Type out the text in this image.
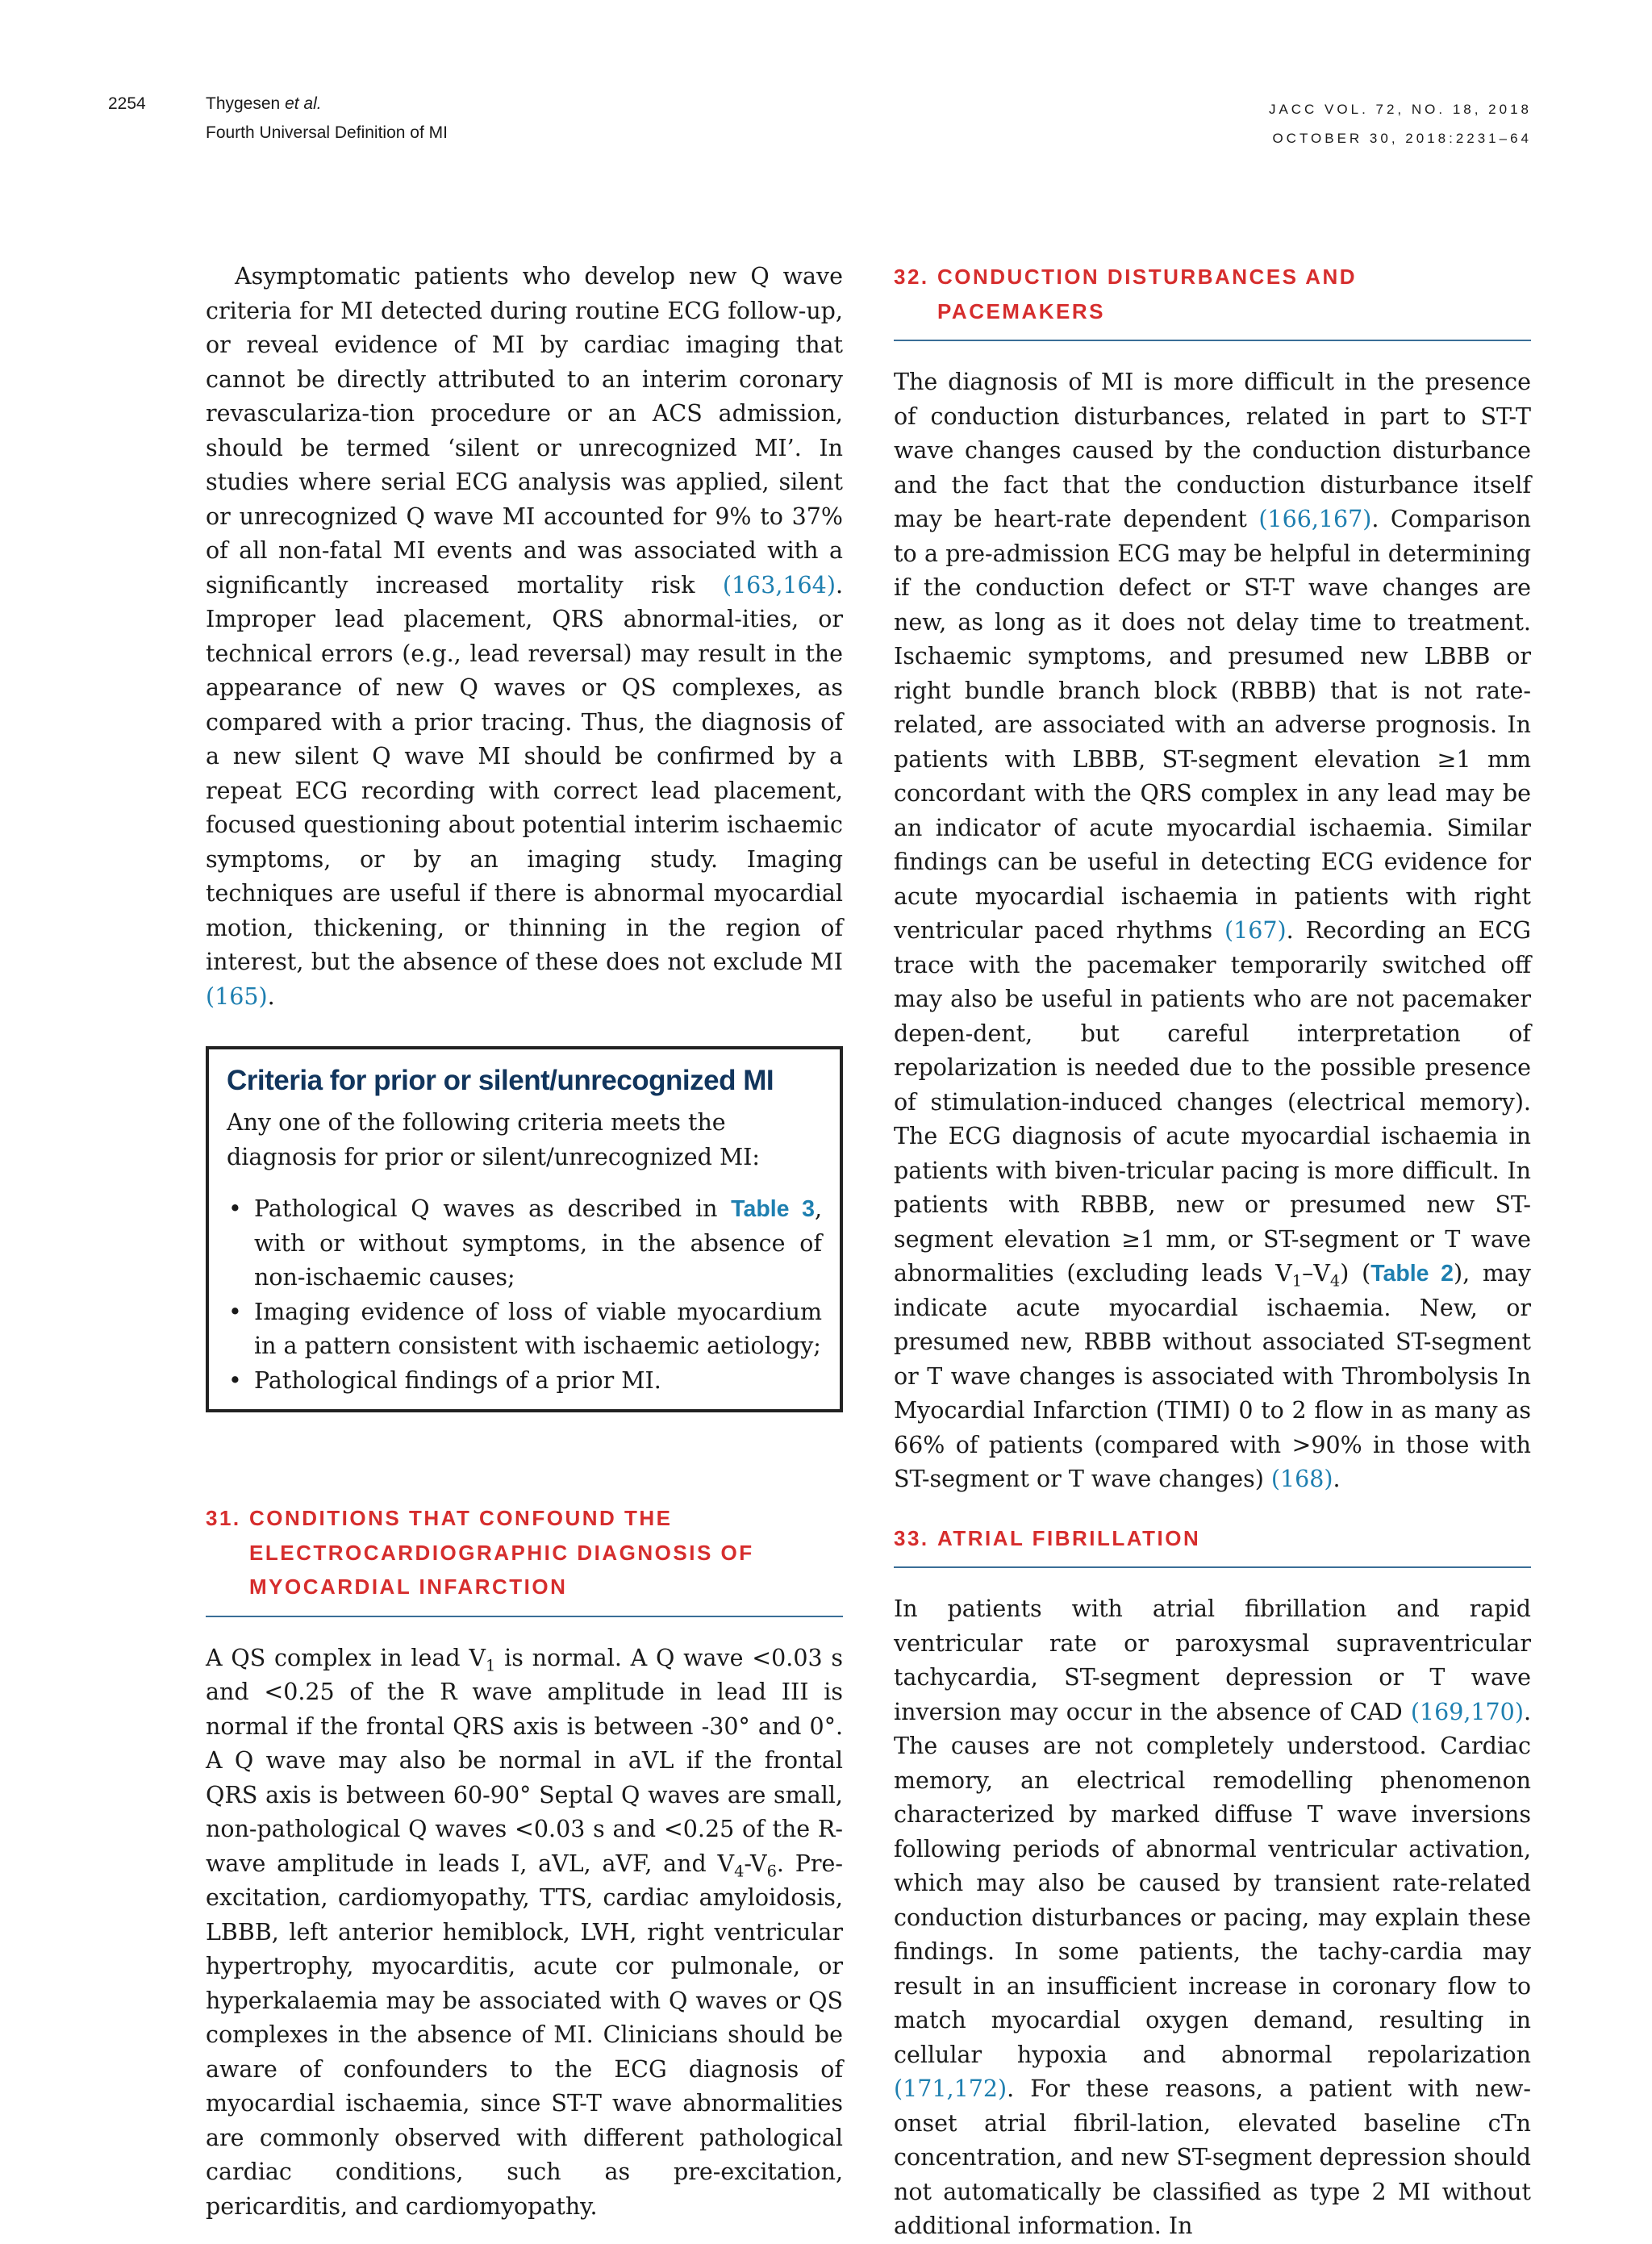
2254	Thygesen et al.
Fourth Universal Definition of MI
JACC VOL. 72, NO. 18, 2018
OCTOBER 30, 2018:2231–64

Asymptomatic patients who develop new Q wave criteria for MI detected during routine ECG follow-up, or reveal evidence of MI by cardiac imaging that cannot be directly attributed to an interim coronary revasculariza-tion procedure or an ACS admission, should be termed ‘silent or unrecognized MI’. In studies where serial ECG analysis was applied, silent or unrecognized Q wave MI accounted for 9% to 37% of all non-fatal MI events and was associated with a significantly increased mortality risk (163,164). Improper lead placement, QRS abnormal-ities, or technical errors (e.g., lead reversal) may result in the appearance of new Q waves or QS complexes, as compared with a prior tracing. Thus, the diagnosis of a new silent Q wave MI should be confirmed by a repeat ECG recording with correct lead placement, focused questioning about potential interim ischaemic symptoms, or by an imaging study. Imaging techniques are useful if there is abnormal myocardial motion, thickening, or thinning in the region of interest, but the absence of these does not exclude MI (165).

Criteria for prior or silent/unrecognized MI

Any one of the following criteria meets the diagnosis for prior or silent/unrecognized MI:

• Pathological Q waves as described in Table 3, with or without symptoms, in the absence of non-ischaemic causes;
• Imaging evidence of loss of viable myocardium in a pattern consistent with ischaemic aetiology;
• Pathological findings of a prior MI.
31. CONDITIONS THAT CONFOUND THE ELECTROCARDIOGRAPHIC DIAGNOSIS OF MYOCARDIAL INFARCTION

A QS complex in lead $V_1$ is normal. A Q wave <0.03 s and <0.25 of the R wave amplitude in lead III is normal if the frontal QRS axis is between -30° and 0°. A Q wave may also be normal in aVL if the frontal QRS axis is between 60-90° Septal Q waves are small, non-pathological Q waves <0.03 s and <0.25 of the R-wave amplitude in leads I, aVL, aVF, and $V_4-V_6$. Pre-excitation, cardiomyopathy, TTS, cardiac amyloidosis, LBBB, left anterior hemiblock, LVH, right ventricular hypertrophy, myocarditis, acute cor pulmonale, or hyperkalaemia may be associated with Q waves or QS complexes in the absence of MI. Clinicians should be aware of confounders to the ECG diagnosis of myocardial ischaemia, since ST-T wave abnormalities are commonly observed with different pathological cardiac conditions, such as pre-excitation, pericarditis, and cardiomyopathy.

32. CONDUCTION DISTURBANCES AND PACEMAKERS

The diagnosis of MI is more difficult in the presence of conduction disturbances, related in part to ST-T wave changes caused by the conduction disturbance and the fact that the conduction disturbance itself may be heart-rate dependent (166,167). Comparison to a pre-admission ECG may be helpful in determining if the conduction defect or ST-T wave changes are new, as long as it does not delay time to treatment. Ischaemic symptoms, and presumed new LBBB or right bundle branch block (RBBB) that is not rate-related, are associated with an adverse prognosis. In patients with LBBB, ST-segment elevation ≥1 mm concordant with the QRS complex in any lead may be an indicator of acute myocardial ischaemia. Similar findings can be useful in detecting ECG evidence for acute myocardial ischaemia in patients with right ventricular paced rhythms (167). Recording an ECG trace with the pacemaker temporarily switched off may also be useful in patients who are not pacemaker depen-dent, but careful interpretation of repolarization is needed due to the possible presence of stimulation-induced changes (electrical memory). The ECG diagnosis of acute myocardial ischaemia in patients with biven-tricular pacing is more difficult. In patients with RBBB, new or presumed new ST-segment elevation ≥1 mm, or ST-segment or T wave abnormalities (excluding leads $V_1-V_4$) (Table 2), may indicate acute myocardial ischaemia. New, or presumed new, RBBB without associated ST-segment or T wave changes is associated with Thrombolysis In Myocardial Infarction (TIMI) 0 to 2 flow in as many as 66% of patients (compared with >90% in those with ST-segment or T wave changes) (168).

33. ATRIAL FIBRILLATION

In patients with atrial fibrillation and rapid ventricular rate or paroxysmal supraventricular tachycardia, ST-segment depression or T wave inversion may occur in the absence of CAD (169,170). The causes are not completely understood. Cardiac memory, an electrical remodelling phenomenon characterized by marked diffuse T wave inversions following periods of abnormal ventricular activation, which may also be caused by transient rate-related conduction disturbances or pacing, may explain these findings. In some patients, the tachy-cardia may result in an insufficient increase in coronary flow to match myocardial oxygen demand, resulting in cellular hypoxia and abnormal repolarization (171,172). For these reasons, a patient with new-onset atrial fibril-lation, elevated baseline cTn concentration, and new ST-segment depression should not automatically be classified as type 2 MI without additional information. In
